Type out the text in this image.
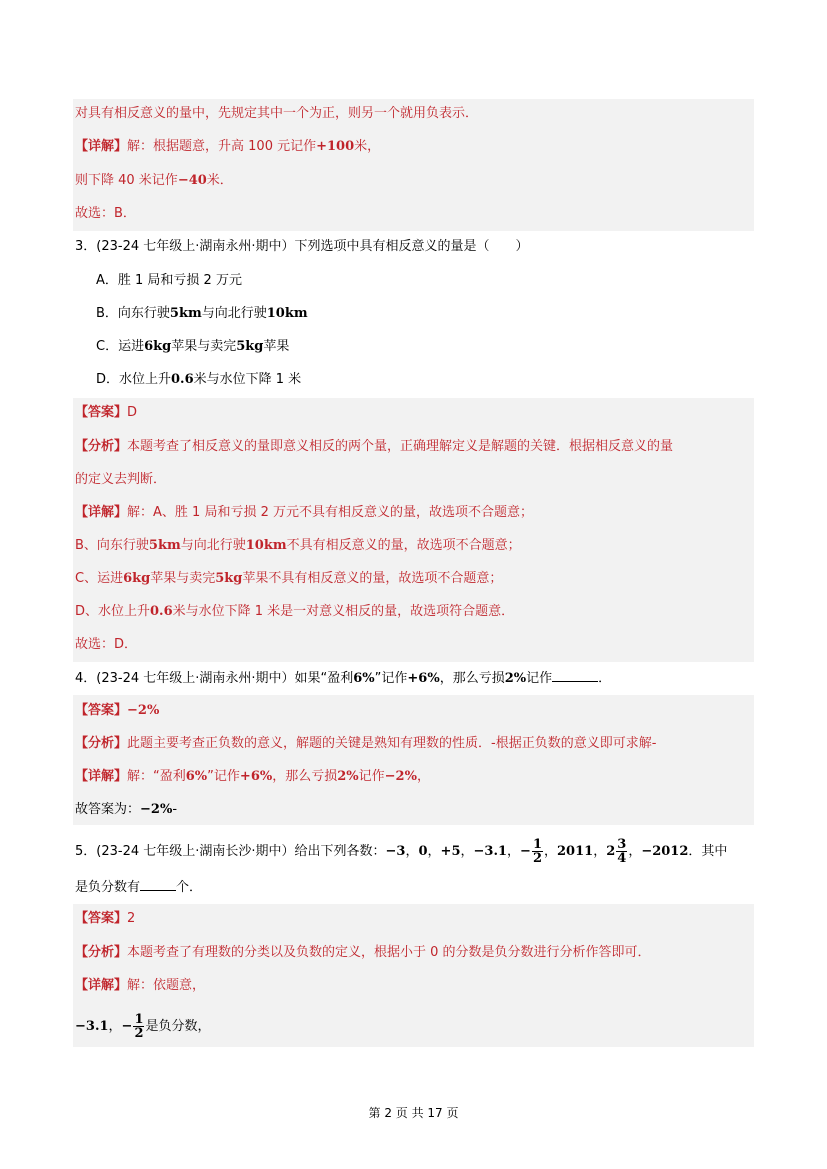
对具有相反意义的量中，先规定其中一个为正，则另一个就用负表示．
【详解】解：根据题意，升高 100 元记作+100米，
则下降 40 米记作−40米．
故选：B．
3．(23-24 七年级上·湖南永州·期中）下列选项中具有相反意义的量是（　　）
A．胜 1 局和亏损 2 万元
B．向东行驶5km与向北行驶10km
C．运进6kg苹果与卖完5kg苹果
D．水位上升0.6米与水位下降 1 米
【答案】D
【分析】本题考查了相反意义的量即意义相反的两个量，正确理解定义是解题的关键．根据相反意义的量
的定义去判断．
【详解】解：A、胜 1 局和亏损 2 万元不具有相反意义的量，故选项不合题意；
B、向东行驶5km与向北行驶10km不具有相反意义的量，故选项不合题意；
C、运进6kg苹果与卖完5kg苹果不具有相反意义的量，故选项不合题意；
D、水位上升0.6米与水位下降 1 米是一对意义相反的量，故选项符合题意．
故选：D．
4．(23-24 七年级上·湖南永州·期中）如果“盈利6%”记作+6%，那么亏损2%记作	．
【答案】−2%
【分析】此题主要考查正负数的意义，解题的关键是熟知有理数的性质．-根据正负数的意义即可求解-
【详解】解：“盈利6%”记作+6%，那么亏损2%记作−2%，
故答案为：−2%-
5．(23-24 七年级上·湖南长沙·期中）给出下列各数：−3，0，+5，−3.1，− $\frac{1}{2}$ ，2011，$2 \frac{3}{4}$ ，−2012．其中
是负分数有	个．
【答案】2
【分析】本题考查了有理数的分类以及负数的定义，根据小于 0 的分数是负分数进行分析作答即可．
【详解】解：依题意，
−3.1，− $\frac{1}{2}$ 是负分数，
第 2 页 共 17 页
